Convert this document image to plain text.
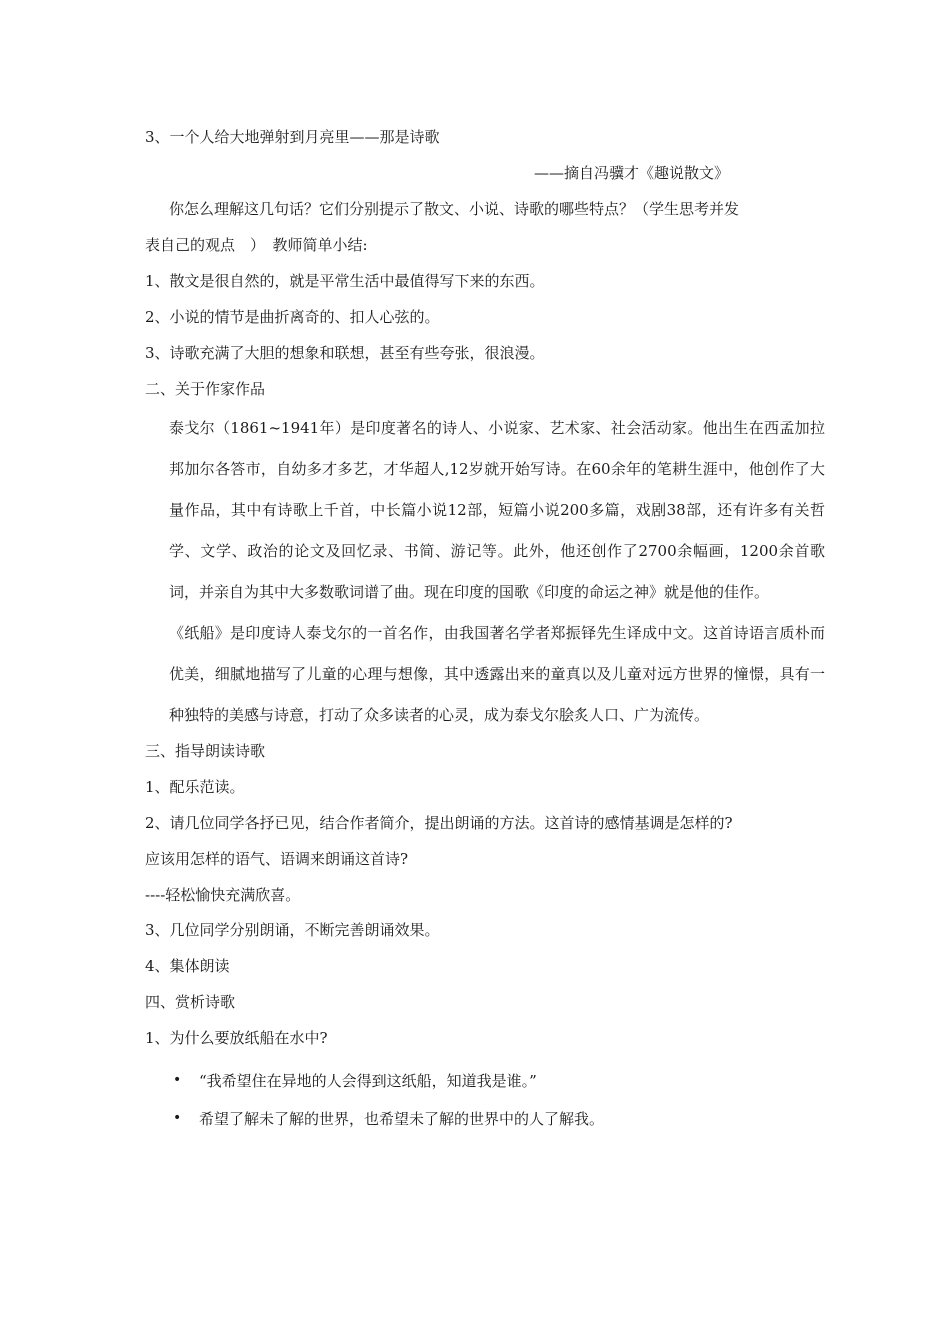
3、一个人给大地弹射到月亮里——那是诗歌

——摘自冯骥才《趣说散文》

你怎么理解这几句话？它们分别提示了散文、小说、诗歌的哪些特点？（学生思考并发

表自己的观点　）　教师简单小结:

1、散文是很自然的，就是平常生活中最值得写下来的东西。

2、小说的情节是曲折离奇的、扣人心弦的。

3、诗歌充满了大胆的想象和联想，甚至有些夸张，很浪漫。

二、关于作家作品

泰戈尔（1861~1941年）是印度著名的诗人、小说家、艺术家、社会活动家。他出生在西孟加拉邦加尔各答市，自幼多才多艺，才华超人,12岁就开始写诗。在60余年的笔耕生涯中，他创作了大量作品，其中有诗歌上千首，中长篇小说12部，短篇小说200多篇，戏剧38部，还有许多有关哲学、文学、政治的论文及回忆录、书简、游记等。此外，他还创作了2700余幅画，1200余首歌词，并亲自为其中大多数歌词谱了曲。现在印度的国歌《印度的命运之神》就是他的佳作。

《纸船》是印度诗人泰戈尔的一首名作，由我国著名学者郑振铎先生译成中文。这首诗语言质朴而优美，细腻地描写了儿童的心理与想像，其中透露出来的童真以及儿童对远方世界的憧憬，具有一种独特的美感与诗意，打动了众多读者的心灵，成为泰戈尔脍炙人口、广为流传。

三、指导朗读诗歌

1、配乐范读。

2、请几位同学各抒已见，结合作者简介，提出朗诵的方法。这首诗的感情基调是怎样的?

应该用怎样的语气、语调来朗诵这首诗?

----轻松愉快充满欣喜。

3、几位同学分别朗诵，不断完善朗诵效果。

4、集体朗读

四、赏析诗歌

1、为什么要放纸船在水中?

•	“我希望住在异地的人会得到这纸船，知道我是谁。”
•	希望了解未了解的世界，也希望未了解的世界中的人了解我。
